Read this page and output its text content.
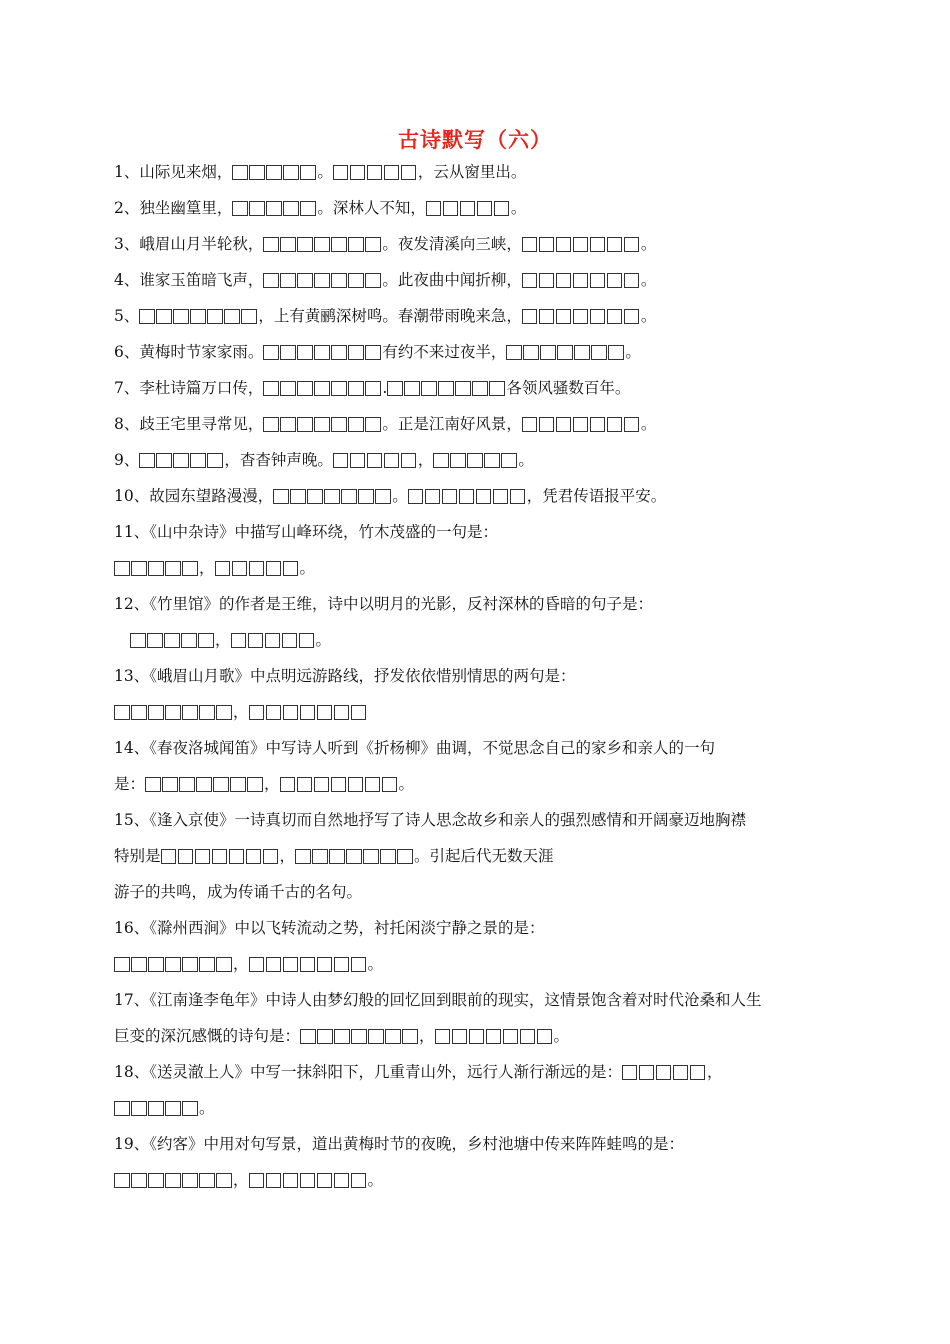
古诗默写（六）
1、山际见来烟，	。	，云从窗里出。
2、独坐幽篁里，	。深林人不知，	。
3、峨眉山月半轮秋，	。夜发清溪向三峡，	。
4、谁家玉笛暗飞声，	。此夜曲中闻折柳，	。
5、	，上有黄鹂深树鸣。春潮带雨晚来急，	。
6、黄梅时节家家雨。	有约不来过夜半，	。
7、李杜诗篇万口传，	.	各领风骚数百年。
8、歧王宅里寻常见，	。正是江南好风景，	。
9、	，杳杳钟声晚。	，	。
10、故园东望路漫漫，	。	，凭君传语报平安。
11、《山中杂诗》中描写山峰环绕，竹木茂盛的一句是：
，	。
12、《竹里馆》的作者是王维，诗中以明月的光影，反衬深林的昏暗的句子是：
，	。
13、《峨眉山月歌》中点明远游路线，抒发依依惜别情思的两句是：
，
14、《春夜洛城闻笛》中写诗人听到《折杨柳》曲调，不觉思念自己的家乡和亲人的一句
是：	，	。
15、《逢入京使》一诗真切而自然地抒写了诗人思念故乡和亲人的强烈感情和开阔豪迈地胸襟
特别是	，	。引起后代无数天涯
游子的共鸣，成为传诵千古的名句。
16、《滁州西涧》中以飞转流动之势，衬托闲淡宁静之景的是：
，	。
17、《江南逢李龟年》中诗人由梦幻般的回忆回到眼前的现实，这情景饱含着对时代沧桑和人生
巨变的深沉感慨的诗句是：	，	。
18、《送灵澈上人》中写一抹斜阳下，几重青山外，远行人渐行渐远的是：	，
。
19、《约客》中用对句写景，道出黄梅时节的夜晚，乡村池塘中传来阵阵蛙鸣的是：
，	。
